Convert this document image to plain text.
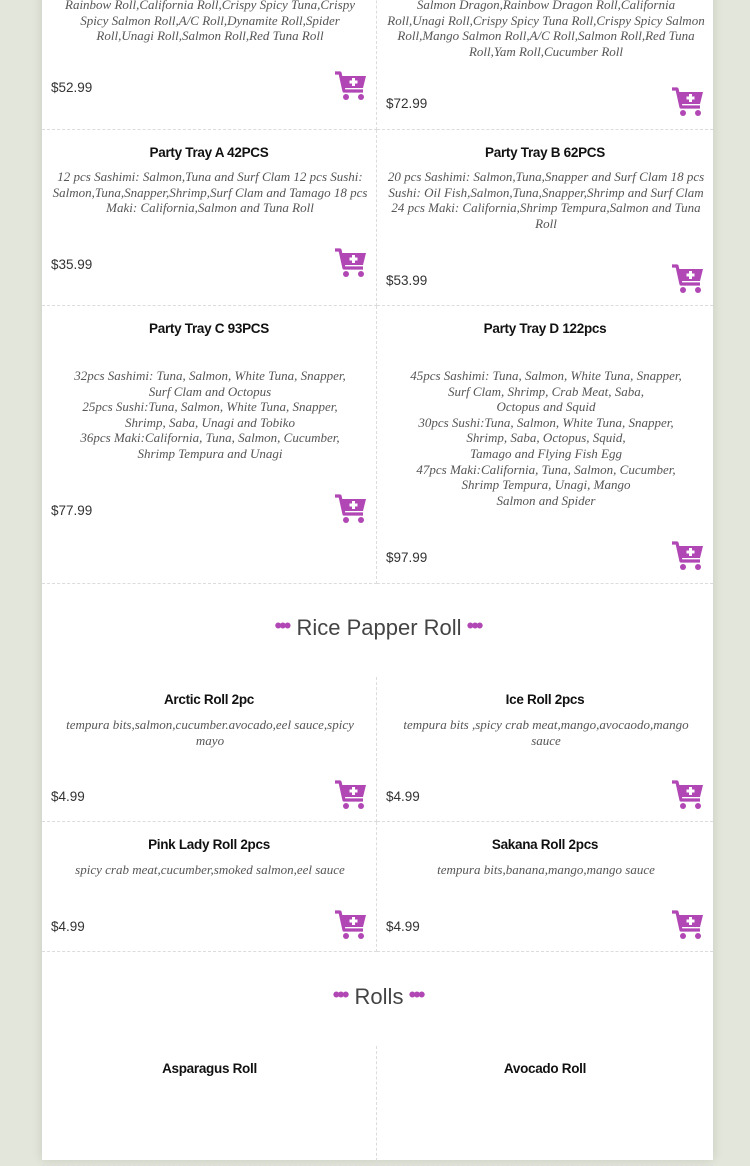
Rainbow Roll,California Roll,Crispy Spicy Tuna,Crispy Spicy Salmon Roll,A/C Roll,Dynamite Roll,Spider Roll,Unagi Roll,Salmon Roll,Red Tuna Roll
$52.99
Salmon Dragon,Rainbow Dragon Roll,California Roll,Unagi Roll,Crispy Spicy Tuna Roll,Crispy Spicy Salmon Roll,Mango Salmon Roll,A/C Roll,Salmon Roll,Red Tuna Roll,Yam Roll,Cucumber Roll
$72.99
Party Tray A 42PCS
12 pcs Sashimi: Salmon,Tuna and Surf Clam 12 pcs Sushi: Salmon,Tuna,Snapper,Shrimp,Surf Clam and Tamago 18 pcs Maki: California,Salmon and Tuna Roll
$35.99
Party Tray B 62PCS
20 pcs Sashimi: Salmon,Tuna,Snapper and Surf Clam 18 pcs Sushi: Oil Fish,Salmon,Tuna,Snapper,Shrimp and Surf Clam 24 pcs Maki: California,Shrimp Tempura,Salmon and Tuna Roll
$53.99
Party Tray C 93PCS

32pcs Sashimi: Tuna, Salmon, White Tuna, Snapper, Surf Clam and Octopus

25pcs Sushi:Tuna, Salmon, White Tuna, Snapper, Shrimp, Saba, Unagi and Tobiko

36pcs Maki:California, Tuna, Salmon, Cucumber, Shrimp Tempura and Unagi

$77.99
Party Tray D 122pcs

45pcs Sashimi: Tuna, Salmon, White Tuna, Snapper, Surf Clam, Shrimp, Crab Meat, Saba,

Octopus and Squid

30pcs Sushi:Tuna, Salmon, White Tuna, Snapper, Shrimp, Saba, Octopus, Squid,

Tamago and Flying Fish Egg

47pcs Maki:California, Tuna, Salmon, Cucumber, Shrimp Tempura, Unagi, Mango

Salmon and Spider

$97.99
••• Rice Papper Roll •••
Arctic Roll 2pc
tempura bits,salmon,cucumber.avocado,eel sauce,spicy mayo
$4.99
Ice Roll 2pcs
tempura bits ,spicy crab meat,mango,avocaodo,mango sauce
$4.99
Pink Lady Roll 2pcs
spicy crab meat,cucumber,smoked salmon,eel sauce
$4.99
Sakana Roll 2pcs
tempura bits,banana,mango,mango sauce
$4.99
••• Rolls •••
Asparagus Roll	Avocado Roll
